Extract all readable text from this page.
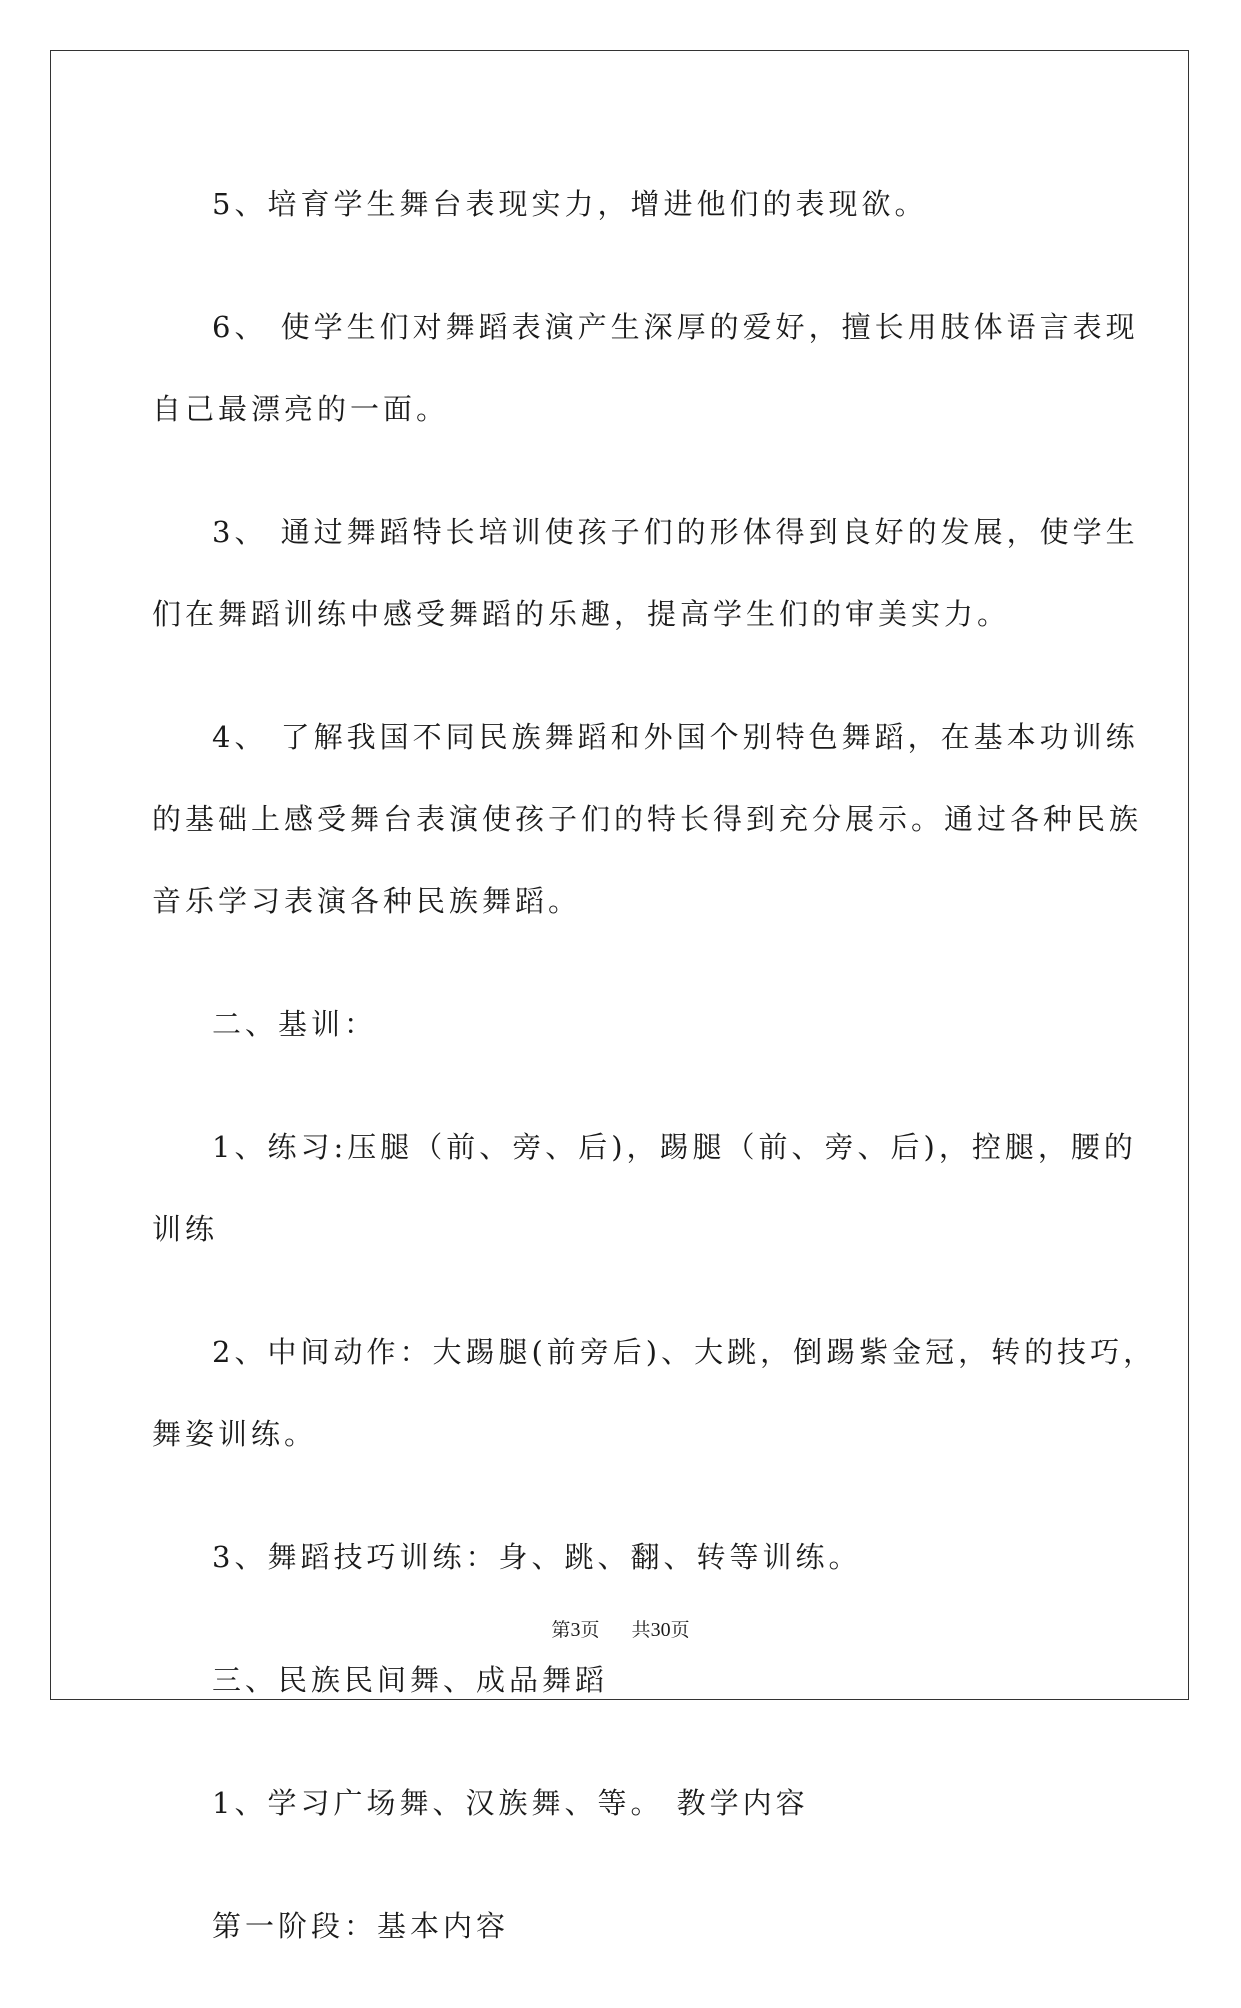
5、培育学生舞台表现实力，增进他们的表现欲。
6、 使学生们对舞蹈表演产生深厚的爱好，擅长用肢体语言表现
自己最漂亮的一面。
3、 通过舞蹈特长培训使孩子们的形体得到良好的发展，使学生
们在舞蹈训练中感受舞蹈的乐趣，提高学生们的审美实力。
4、 了解我国不同民族舞蹈和外国个别特色舞蹈，在基本功训练
的基础上感受舞台表演使孩子们的特长得到充分展示。通过各种民族
音乐学习表演各种民族舞蹈。
二、基训：
1、练习:压腿（前、旁、后)，踢腿（前、旁、后)，控腿，腰的
训练
2、中间动作：大踢腿(前旁后)、大跳，倒踢紫金冠，转的技巧，
舞姿训练。
3、舞蹈技巧训练：身、跳、翻、转等训练。
三、民族民间舞、成品舞蹈
1、学习广场舞、汉族舞、等。 教学内容
第一阶段：基本内容
第3页 共30页
